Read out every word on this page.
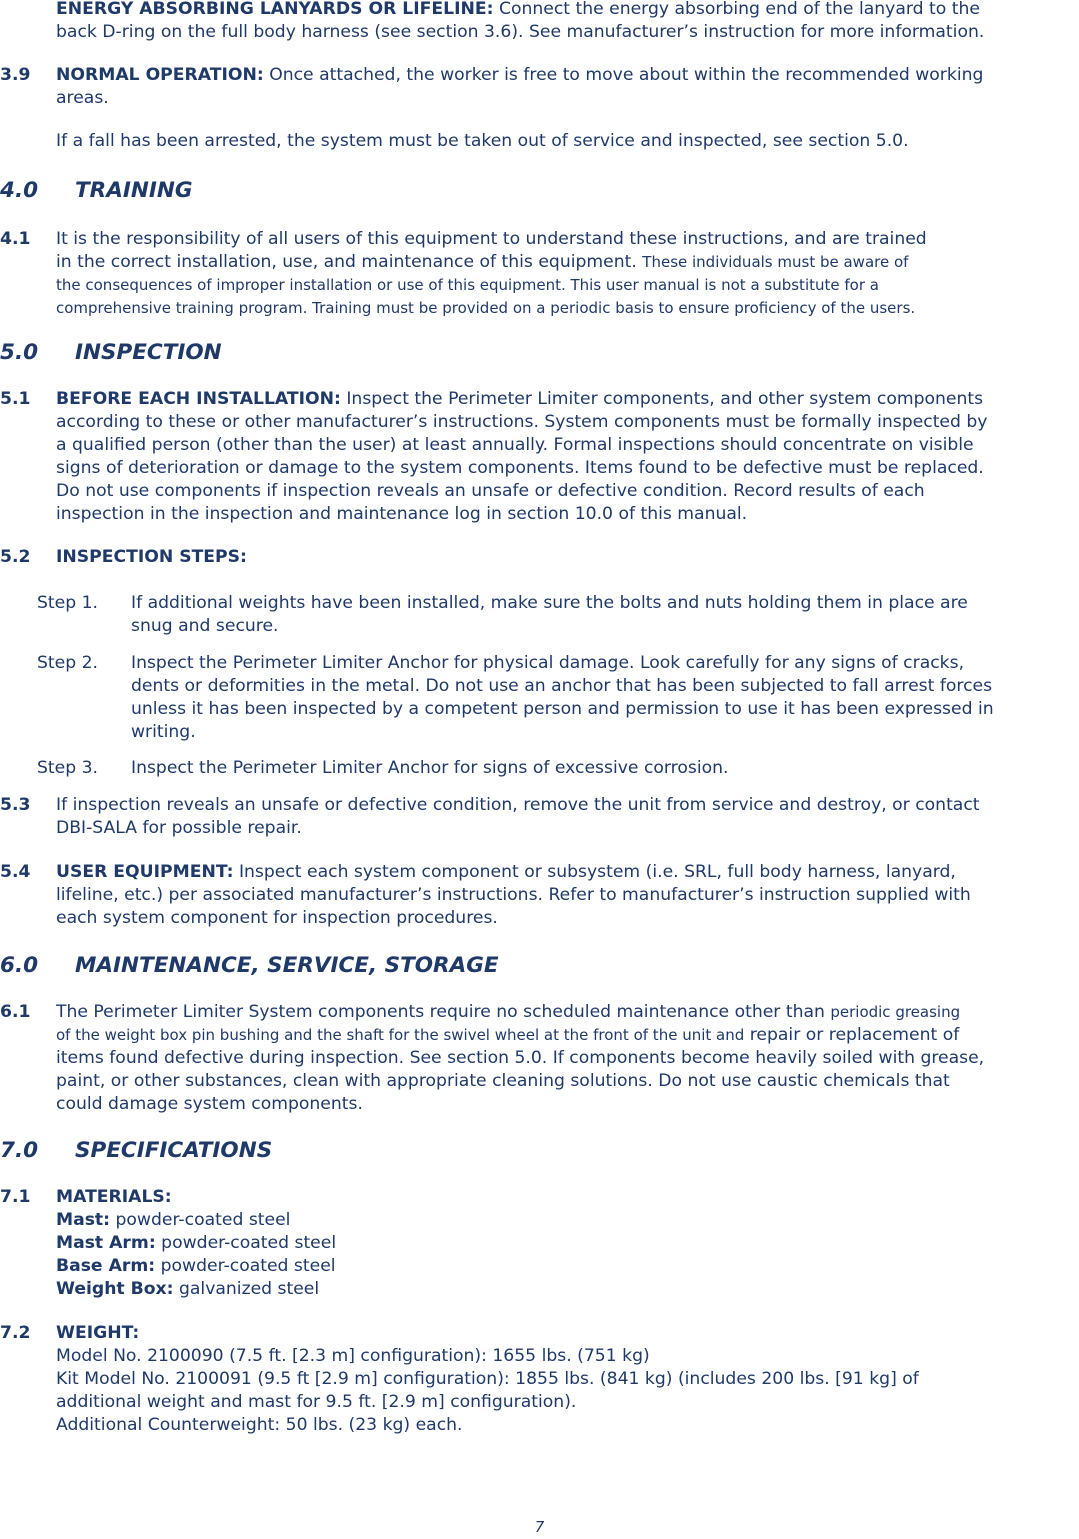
ENERGY ABSORBING LANYARDS OR LIFELINE: Connect the energy absorbing end of the lanyard to the
back D-ring on the full body harness (see section 3.6). See manufacturer’s instruction for more information.
3.9 NORMAL OPERATION: Once attached, the worker is free to move about within the recommended working
areas.
If a fall has been arrested, the system must be taken out of service and inspected, see section 5.0.
4.0 TRAINING
4.1 It is the responsibility of all users of this equipment to understand these instructions, and are trained
in the correct installation, use, and maintenance of this equipment. These individuals must be aware of
the consequences of improper installation or use of this equipment. This user manual is not a substitute for a
comprehensive training program. Training must be provided on a periodic basis to ensure proﬁciency of the users.
5.0 INSPECTION
5.1 BEFORE EACH INSTALLATION: Inspect the Perimeter Limiter components, and other system components
according to these or other manufacturer’s instructions. System components must be formally inspected by
a qualiﬁed person (other than the user) at least annually. Formal inspections should concentrate on visible
signs of deterioration or damage to the system components. Items found to be defective must be replaced.
Do not use components if inspection reveals an unsafe or defective condition. Record results of each
inspection in the inspection and maintenance log in section 10.0 of this manual.
5.2 INSPECTION STEPS:
Step 1. If additional weights have been installed, make sure the bolts and nuts holding them in place are
snug and secure.
Step 2. Inspect the Perimeter Limiter Anchor for physical damage. Look carefully for any signs of cracks,
dents or deformities in the metal. Do not use an anchor that has been subjected to fall arrest forces
unless it has been inspected by a competent person and permission to use it has been expressed in
writing.
Step 3. Inspect the Perimeter Limiter Anchor for signs of excessive corrosion.
5.3 If inspection reveals an unsafe or defective condition, remove the unit from service and destroy, or contact
DBI-SALA for possible repair.
5.4 USER EQUIPMENT: Inspect each system component or subsystem (i.e. SRL, full body harness, lanyard,
lifeline, etc.) per associated manufacturer’s instructions. Refer to manufacturer’s instruction supplied with
each system component for inspection procedures.
6.0 MAINTENANCE, SERVICE, STORAGE
6.1 The Perimeter Limiter System components require no scheduled maintenance other than periodic greasing
of the weight box pin bushing and the shaft for the swivel wheel at the front of the unit and repair or replacement of
items found defective during inspection. See section 5.0. If components become heavily soiled with grease,
paint, or other substances, clean with appropriate cleaning solutions. Do not use caustic chemicals that
could damage system components.
7.0 SPECIFICATIONS
7.1 MATERIALS:
Mast: powder-coated steel
Mast Arm: powder-coated steel
Base Arm: powder-coated steel
Weight Box: galvanized steel
7.2 WEIGHT:
Model No. 2100090 (7.5 ft. [2.3 m] conﬁguration): 1655 lbs. (751 kg)
Kit Model No. 2100091 (9.5 ft [2.9 m] conﬁguration): 1855 lbs. (841 kg) (includes 200 lbs. [91 kg] of
additional weight and mast for 9.5 ft. [2.9 m] conﬁguration).
Additional Counterweight: 50 lbs. (23 kg) each.
7
